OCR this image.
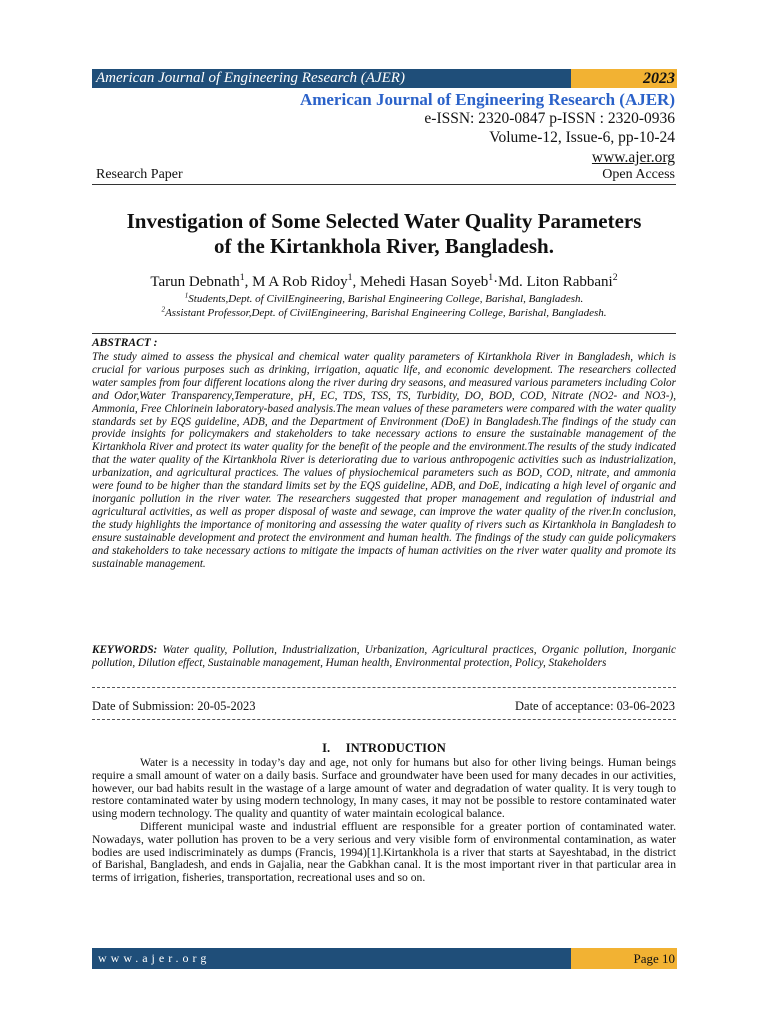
American Journal of Engineering Research (AJER)	2023
American Journal of Engineering Research (AJER)
e-ISSN: 2320-0847 p-ISSN : 2320-0936
Volume-12, Issue-6, pp-10-24
www.ajer.org
Research Paper	Open Access
Investigation of Some Selected Water Quality Parameters
of the Kirtankhola River, Bangladesh.
Tarun Debnath$^1$, M A Rob Ridoy$^1$, Mehedi Hasan Soyeb$^1$·Md. Liton Rabbani$^2$
$^1$Students,Dept. of CivilEngineering, Barishal Engineering College, Barishal, Bangladesh.
$^2$Assistant Professor,Dept. of CivilEngineering, Barishal Engineering College, Barishal, Bangladesh.
ABSTRACT :
The study aimed to assess the physical and chemical water quality parameters of Kirtankhola River in Bangladesh, which is crucial for various purposes such as drinking, irrigation, aquatic life, and economic development. The researchers collected water samples from four different locations along the river during dry seasons, and measured various parameters including Color and Odor,Water Transparency,Temperature, pH, EC, TDS, TSS, TS, Turbidity, DO, BOD, COD, Nitrate (NO2- and NO3-), Ammonia, Free Chlorinein laboratory-based analysis.The mean values of these parameters were compared with the water quality standards set by EQS guideline, ADB, and the Department of Environment (DoE) in Bangladesh.The findings of the study can provide insights for policymakers and stakeholders to take necessary actions to ensure the sustainable management of the Kirtankhola River and protect its water quality for the benefit of the people and the environment.The results of the study indicated that the water quality of the Kirtankhola River is deteriorating due to various anthropogenic activities such as industrialization, urbanization, and agricultural practices. The values of physiochemical parameters such as BOD, COD, nitrate, and ammonia were found to be higher than the standard limits set by the EQS guideline, ADB, and DoE, indicating a high level of organic and inorganic pollution in the river water. The researchers suggested that proper management and regulation of industrial and agricultural activities, as well as proper disposal of waste and sewage, can improve the water quality of the river.In conclusion, the study highlights the importance of monitoring and assessing the water quality of rivers such as Kirtankhola in Bangladesh to ensure sustainable development and protect the environment and human health. The findings of the study can guide policymakers and stakeholders to take necessary actions to mitigate the impacts of human activities on the river water quality and promote its sustainable management.
KEYWORDS: Water quality, Pollution, Industrialization, Urbanization, Agricultural practices, Organic pollution, Inorganic pollution, Dilution effect, Sustainable management, Human health, Environmental protection, Policy, Stakeholders
Date of Submission: 20-05-2023	Date of acceptance: 03-06-2023
I.     INTRODUCTION

Water is a necessity in today’s day and age, not only for humans but also for other living beings. Human beings require a small amount of water on a daily basis. Surface and groundwater have been used for many decades in our activities, however, our bad habits result in the wastage of a large amount of water and degradation of water quality. It is very tough to restore contaminated water by using modern technology, In many cases, it may not be possible to restore contaminated water using modern technology. The quality and quantity of water maintain ecological balance.

Different municipal waste and industrial effluent are responsible for a greater portion of contaminated water. Nowadays, water pollution has proven to be a very serious and very visible form of environmental contamination, as water bodies are used indiscriminately as dumps (Francis, 1994)[1].Kirtankhola is a river that starts at Sayeshtabad, in the district of Barishal, Bangladesh, and ends in Gajalia, near the Gabkhan canal. It is the most important river in that particular area in terms of irrigation, fisheries, transportation, recreational uses and so on.

www.ajer.org	Page 10
